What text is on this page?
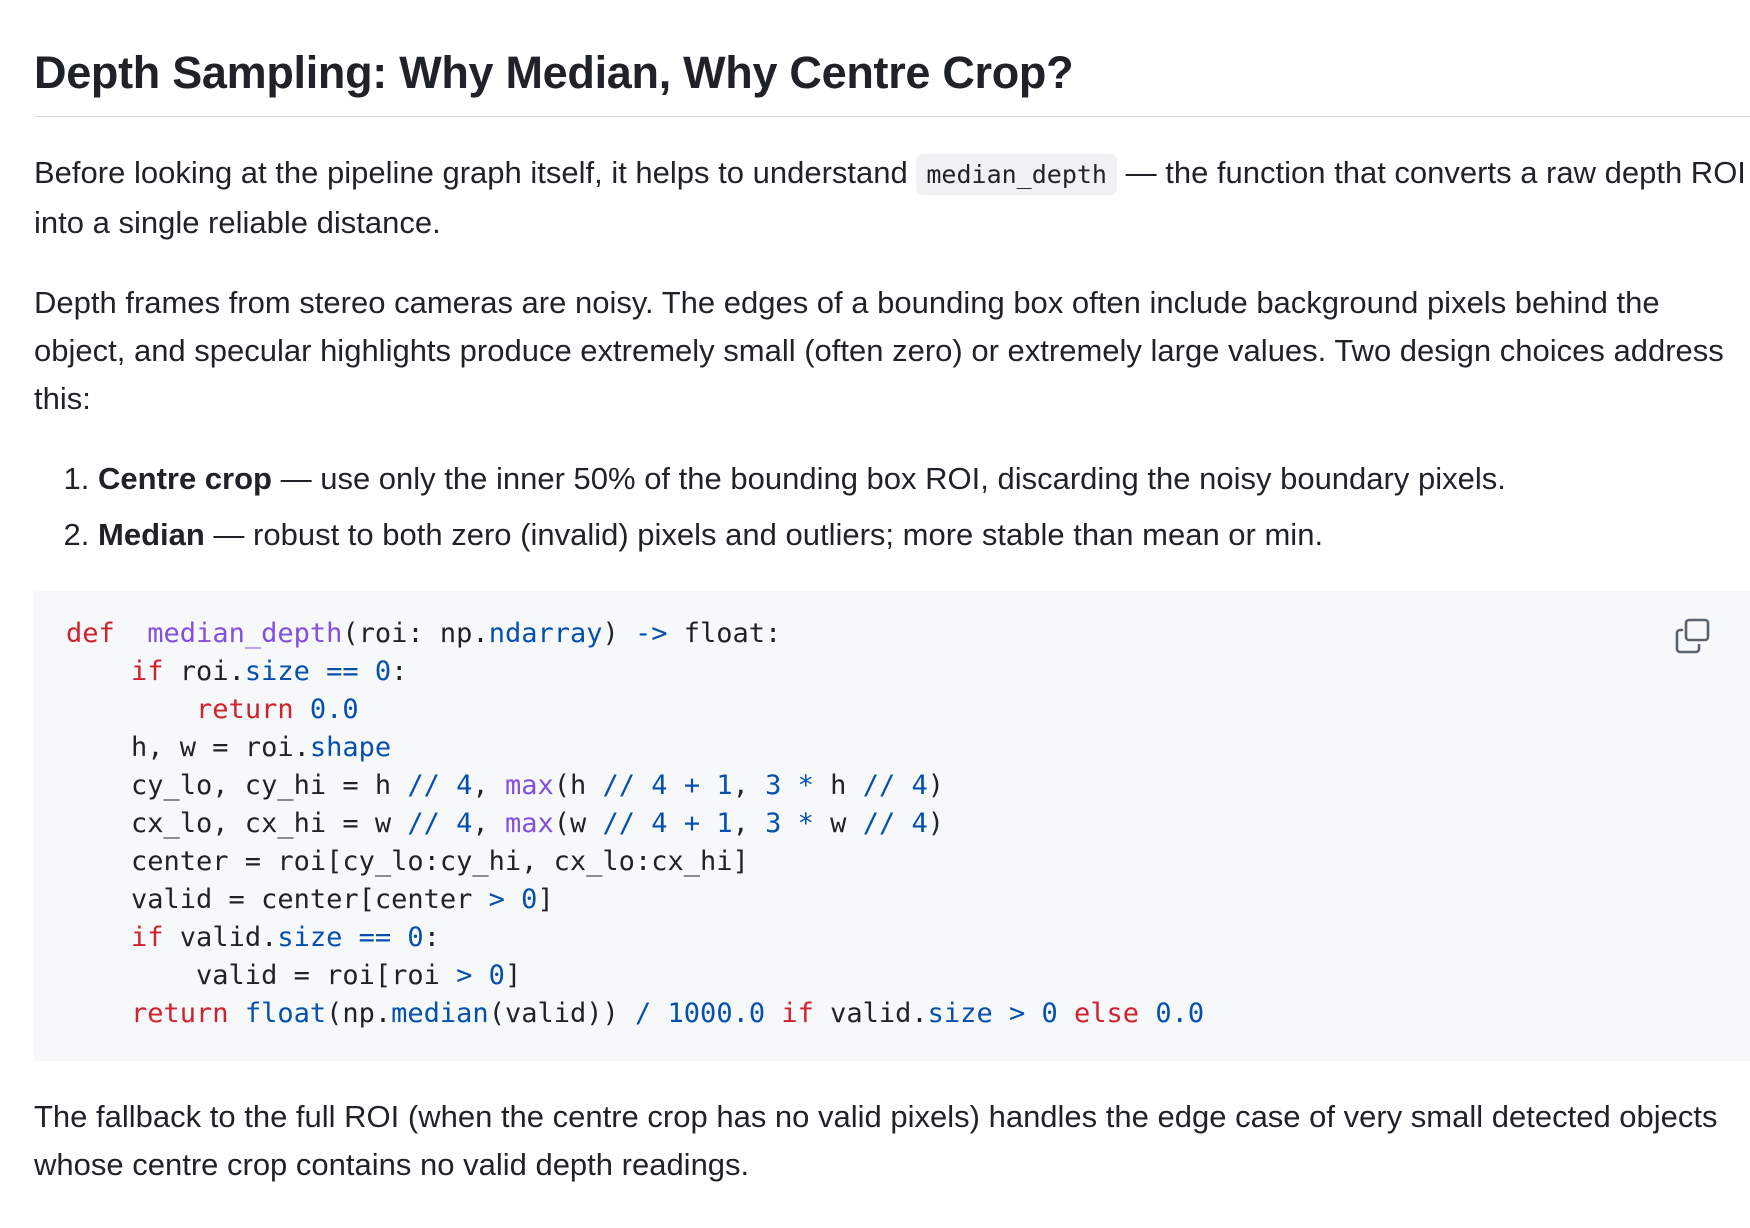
Depth Sampling: Why Median, Why Centre Crop?

Before looking at the pipeline graph itself, it helps to understand median_depth — the function that converts a raw depth ROI into a single reliable distance.

Depth frames from stereo cameras are noisy. The edges of a bounding box often include background pixels behind the object, and specular highlights produce extremely small (often zero) or extremely large values. Two design choices address this:

1. Centre crop — use only the inner 50% of the bounding box ROI, discarding the noisy boundary pixels.
2. Median — robust to both zero (invalid) pixels and outliers; more stable than mean or min.
def median_depth(roi: np.ndarray) -> float:
if roi.size == 0:
return 0.0
h, w = roi.shape
cy_lo, cy_hi = h // 4, max(h // 4 + 1, 3 * h // 4)
cx_lo, cx_hi = w // 4, max(w // 4 + 1, 3 * w // 4)
center = roi[cy_lo:cy_hi, cx_lo:cx_hi]
valid = center[center > 0]
if valid.size == 0:
valid = roi[roi > 0]
return float(np.median(valid)) / 1000.0 if valid.size > 0 else 0.0

The fallback to the full ROI (when the centre crop has no valid pixels) handles the edge case of very small detected objects whose centre crop contains no valid depth readings.
